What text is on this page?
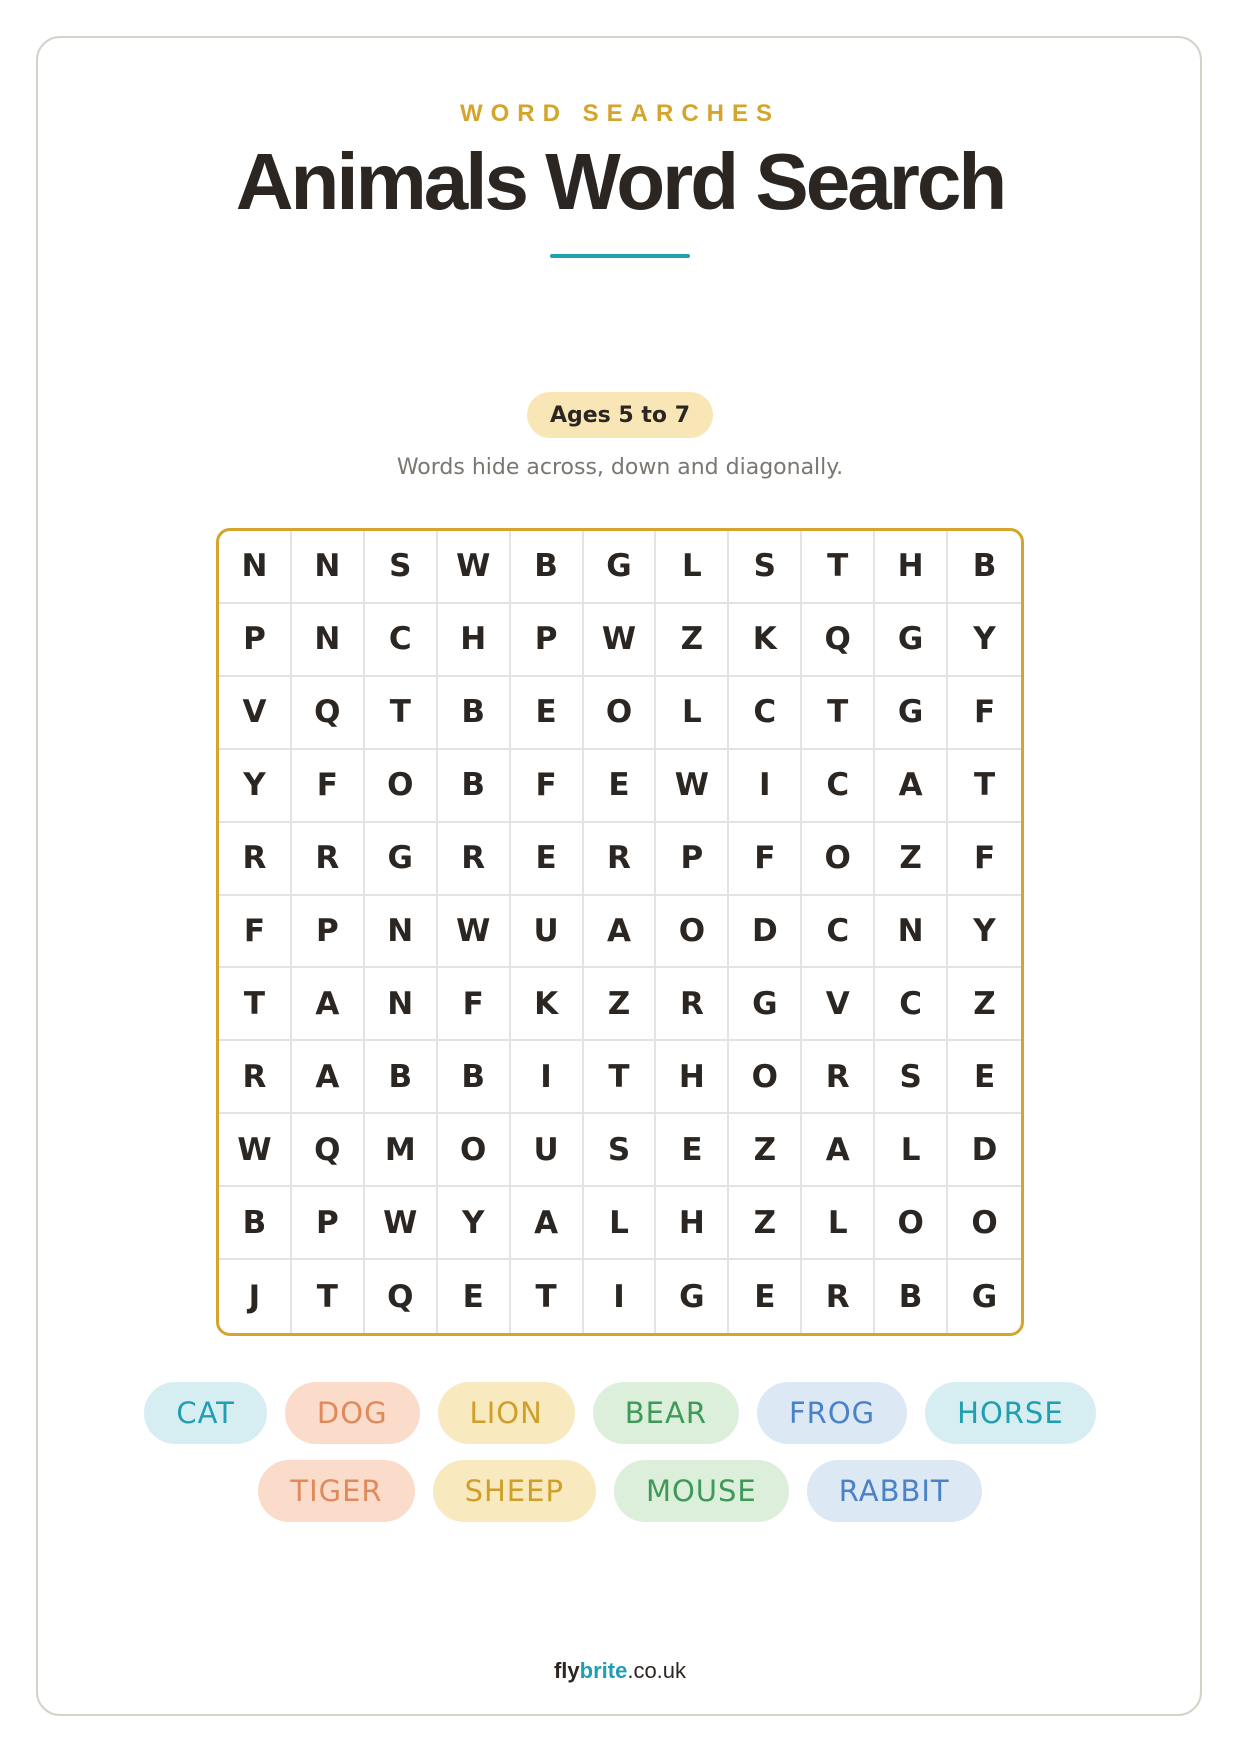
WORD SEARCHES
Animals Word Search
Ages 5 to 7
Words hide across, down and diagonally.
N	N	S	W	B	G	L	S	T	H	B
P	N	C	H	P	W	Z	K	Q	G	Y
V	Q	T	B	E	O	L	C	T	G	F
Y	F	O	B	F	E	W	I	C	A	T
R	R	G	R	E	R	P	F	O	Z	F
F	P	N	W	U	A	O	D	C	N	Y
T	A	N	F	K	Z	R	G	V	C	Z
R	A	B	B	I	T	H	O	R	S	E
W	Q	M	O	U	S	E	Z	A	L	D
B	P	W	Y	A	L	H	Z	L	O	O
J	T	Q	E	T	I	G	E	R	B	G
CAT	DOG	LION	BEAR	FROG	HORSE
TIGER	SHEEP	MOUSE	RABBIT
flybrite.co.uk
